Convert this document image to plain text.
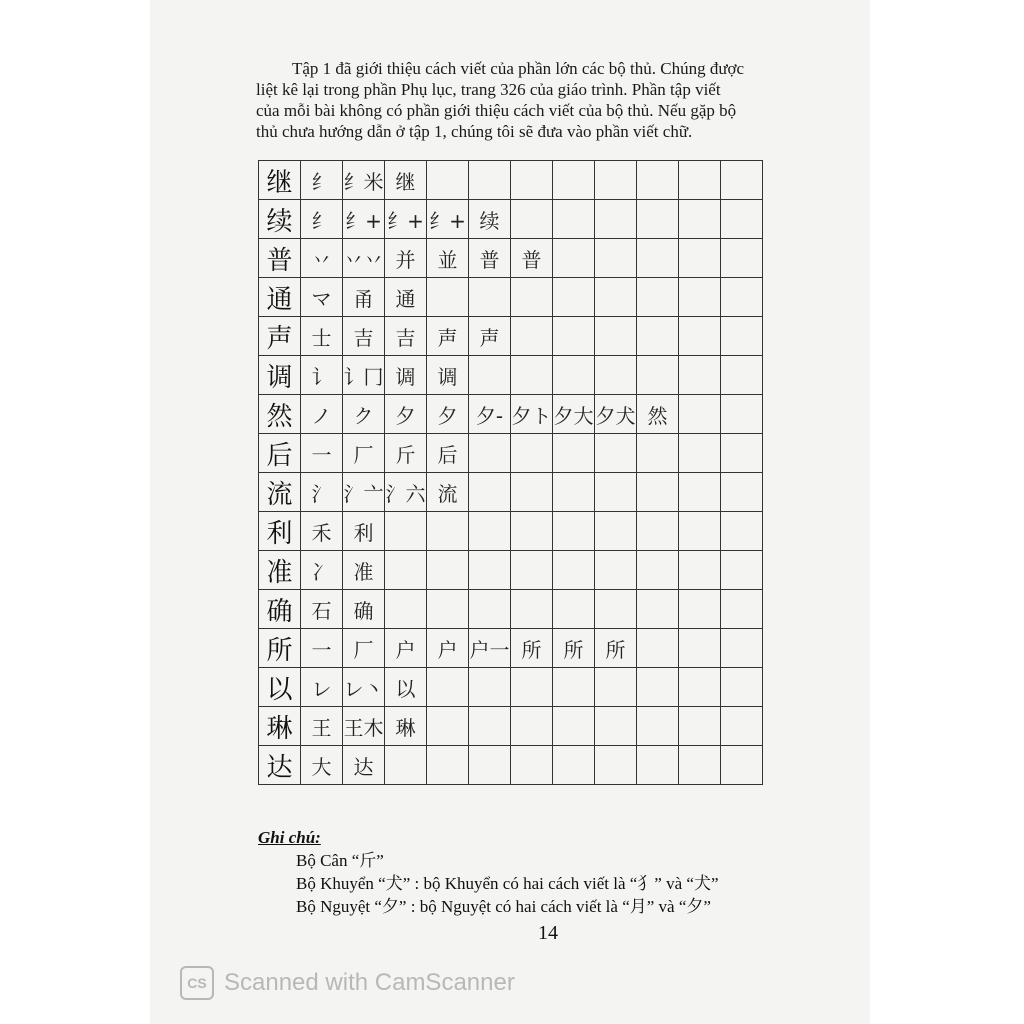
Tập 1 đã giới thiệu cách viết của phần lớn các bộ thủ. Chúng được

liệt kê lại trong phần Phụ lục, trang 326 của giáo trình. Phần tập viết

của mỗi bài không có phần giới thiệu cách viết của bộ thủ. Nếu gặp bộ

thủ chưa hướng dẫn ở tập 1, chúng tôi sẽ đưa vào phần viết chữ.

继	纟	纟米	继								
续	纟	纟+	纟+	纟+	续						
普	丷	丷丷	并	並	普	普					
通	マ	甬	通								
声	士	吉	吉	声	声						
调	讠	讠冂	调	调							
然	ノ	ク	夕	夕	夕-	夕ト	夕大	夕犬	然		
后	一	厂	斤	后							
流	氵	氵亠	氵六	流							
利	禾	利									
准	冫	准									
确	石	确									
所	一	厂	户	户	户一	所	所	所			
以	レ	レ丶	以								
琳	王	王木	琳								
达	大	达									
Ghi chú:
Bộ Cân “斤”
Bộ Khuyển “犬” : bộ Khuyển có hai cách viết là “犭” và “犬”
Bộ Nguyệt “夕” : bộ Nguyệt có hai cách viết là “月” và “夕”
14
CS Scanned with CamScanner
